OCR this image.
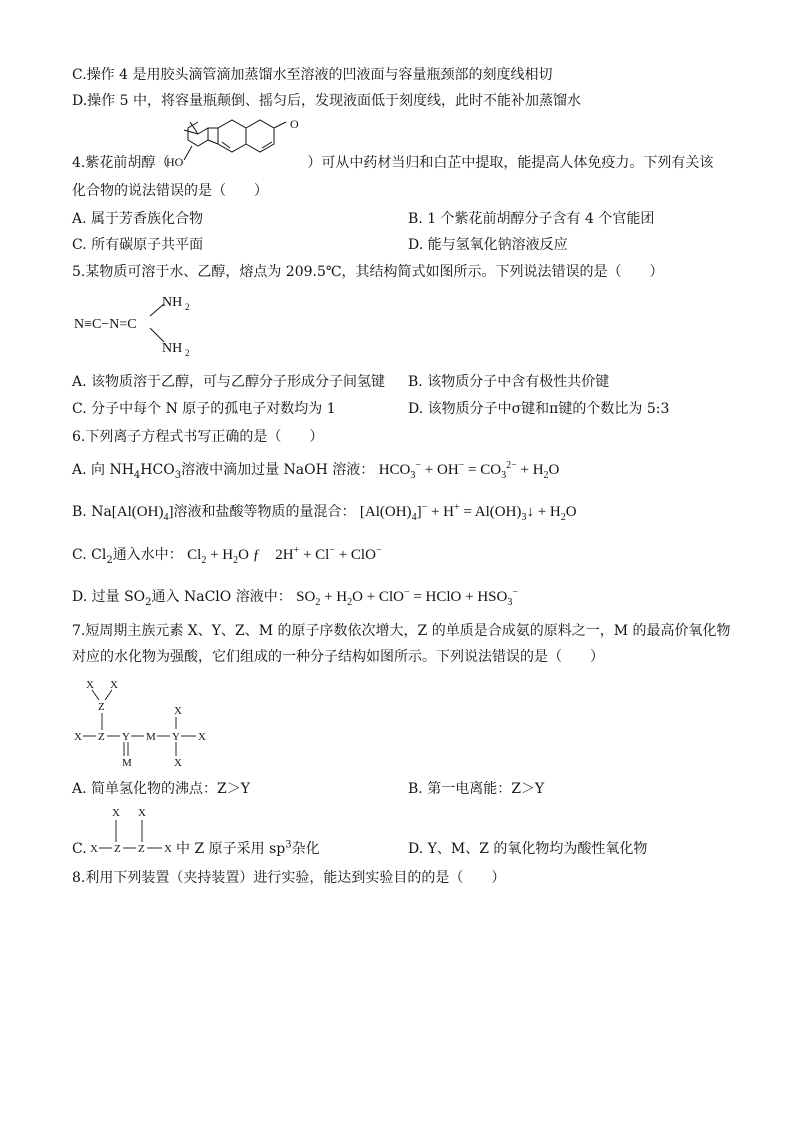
C.操作 4 是用胶头滴管滴加蒸馏水至溶液的凹液面与容量瓶颈部的刻度线相切
D.操作 5 中，将容量瓶颠倒、摇匀后，发现液面低于刻度线，此时不能补加蒸馏水
4.紫花前胡醇（	）可从中药材当归和白芷中提取，能提高人体免疫力。下列有关该
HO
O
化合物的说法错误的是（　　）
A. 属于芳香族化合物	B. 1 个紫花前胡醇分子含有 4 个官能团
C. 所有碳原子共平面	D. 能与氢氧化钠溶液反应
5.某物质可溶于水、乙醇，熔点为 209.5℃，其结构简式如图所示。下列说法错误的是（　　）
N≡C−N=C
NH 2
NH 2
A. 该物质溶于乙醇，可与乙醇分子形成分子间氢键 B. 该物质分子中含有极性共价键
C. 分子中每个 N 原子的孤电子对数均为 1	D. 该物质分子中σ键和π键的个数比为 5:3
6.下列离子方程式书写正确的是（　　）
A. 向 $NH_4HCO_3$溶液中滴加过量 NaOH 溶液： $HCO_3^- + OH^- = CO_3^{2-} + H_2O$
B. $Na[Al(OH)_4]$溶液和盐酸等物质的量混合： $[Al(OH)_4]^- + H^+$ = $Al(OH)_3↓ + H_2O$
C. $Cl_2$通入水中： $Cl_2 + H_2O$ ƒ　2H+ + Cl− + ClO−
D. 过量 $SO_2$通入 NaClO 溶液中： $SO_2 + H_2O + ClO^-$ = HClO + $HSO_3^-$
7.短周期主族元素 X、Y、Z、M 的原子序数依次增大，Z 的单质是合成氨的原料之一，M 的最高价氧化物
对应的水化物为强酸，它们组成的一种分子结构如图所示。下列说法错误的是（　　）
X X
Z
X Z Y M Y X
X
X
M
A. 简单氢化物的沸点：Z＞Y	B. 第一电离能：Z＞Y
C.
X X
X Z Z X 中 Z 原子采用 $sp^3$杂化	D. Y、M、Z 的氧化物均为酸性氧化物
8.利用下列装置（夹持装置）进行实验，能达到实验目的的是（　　）
